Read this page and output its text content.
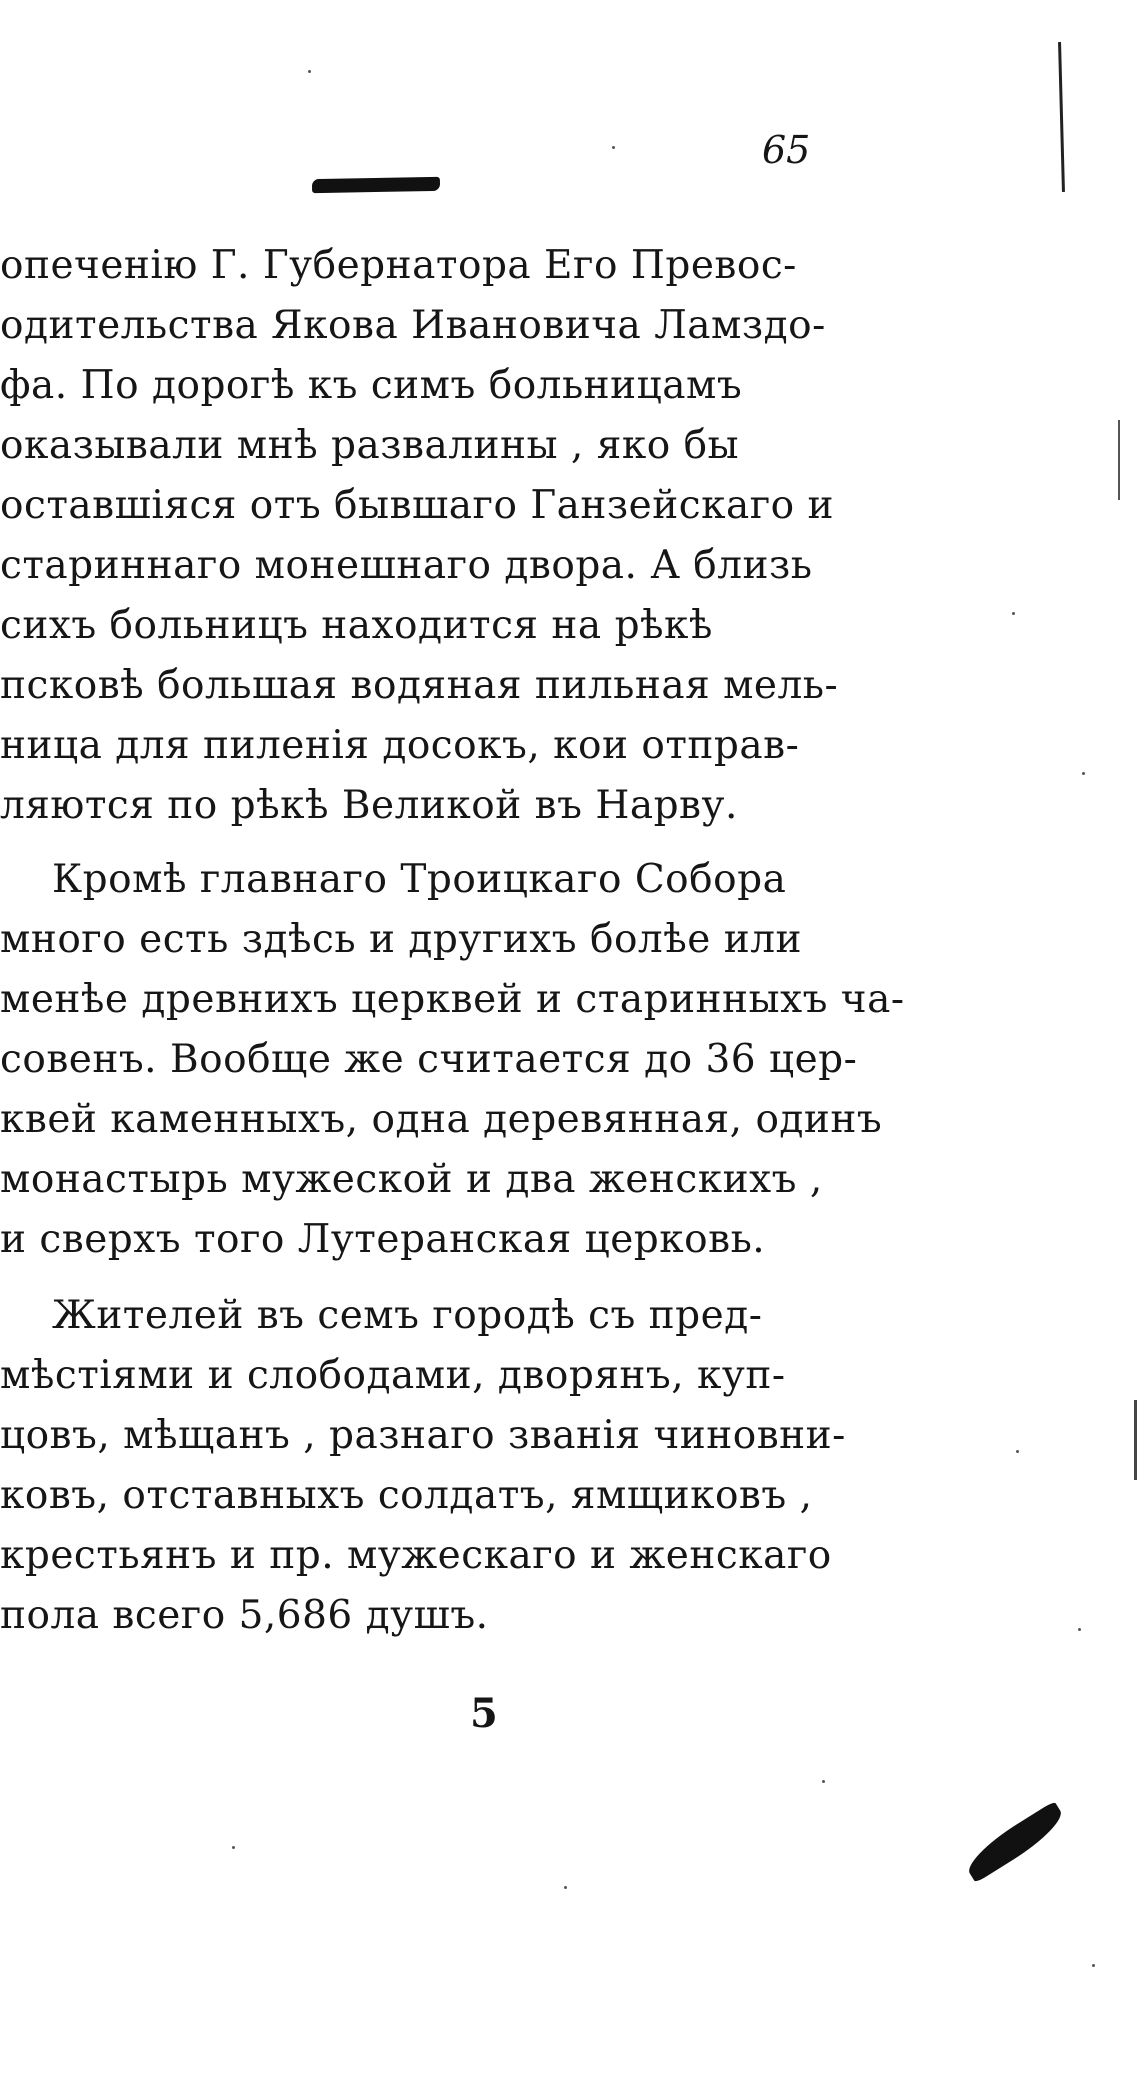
65
опеченію Г. Губернатора Его Превос-
одительства Якова Ивановича Ламздо-
фа. По дорогѣ къ симъ больницамъ
оказывали мнѣ развалины , яко бы
оставшіяся отъ бывшаго Ганзейскаго и
стариннаго монешнаго двора. А близь
сихъ больницъ находится на рѣкѣ
псковѣ большая водяная пильная мель-
ница для пиленія досокъ, кои отправ-
ляются по рѣкѣ Великой въ Нарву.
Кромѣ главнаго Троицкаго Собора
много есть здѣсь и другихъ болѣе или
менѣе древнихъ церквей и старинныхъ ча-
совенъ. Вообще же считается до 36 цер-
квей каменныхъ, одна деревянная, одинъ
монастырь мужеской и два женскихъ ,
и сверхъ того Лутеранская церковь.
Жителей въ семъ городѣ съ пред-
мѣстіями и слободами, дворянъ, куп-
цовъ, мѣщанъ , разнаго званія чиновни-
ковъ, отставныхъ солдатъ, ямщиковъ ,
крестьянъ и пр. мужескаго и женскаго
пола всего 5,686 душъ.
5
